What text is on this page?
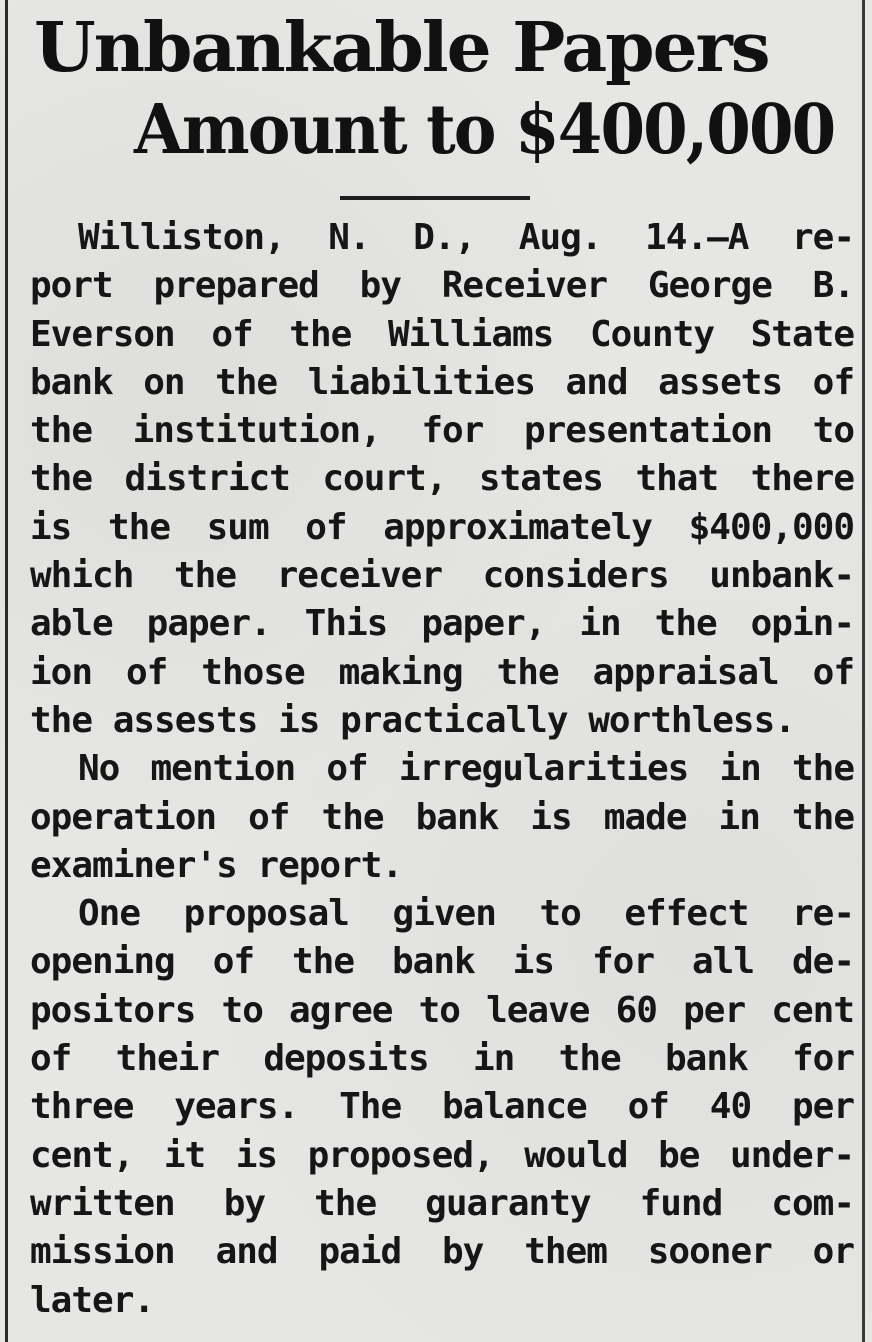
Unbankable Papers
Amount to $400,000
Williston, N. D., Aug. 14.—A re-
port prepared by Receiver George B.
Everson of the Williams County State
bank on the liabilities and assets of
the institution, for presentation to
the district court, states that there
is the sum of approximately $400,000
which the receiver considers unbank-
able paper. This paper, in the opin-
ion of those making the appraisal of
the assests is practically worthless.
No mention of irregularities in the
operation of the bank is made in the
examiner's report.
One proposal given to effect re-
opening of the bank is for all de-
positors to agree to leave 60 per cent
of their deposits in the bank for
three years. The balance of 40 per
cent, it is proposed, would be under-
written by the guaranty fund com-
mission and paid by them sooner or
later.
